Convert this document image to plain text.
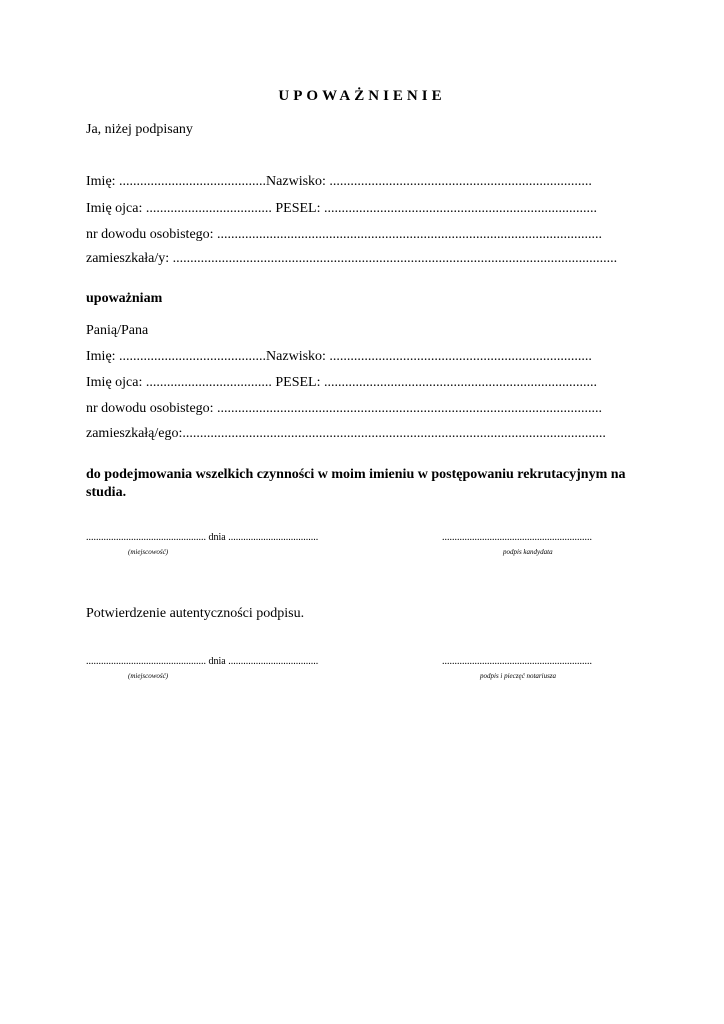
UPOWAŻNIENIE
Ja, niżej podpisany
Imię: ..........................................Nazwisko: ...........................................................................
Imię ojca: .................................... PESEL: ..............................................................................
nr dowodu osobistego: ..............................................................................................................
zamieszkała/y: ...............................................................................................................................
upoważniam
Panią/Pana
Imię: ..........................................Nazwisko: ...........................................................................
Imię ojca: .................................... PESEL: ..............................................................................
nr dowodu osobistego: ..............................................................................................................
zamieszkałą/ego:.........................................................................................................................
do podejmowania wszelkich czynności w moim imieniu w postępowaniu rekrutacyjnym na studia.
................................................ dnia ....................................	............................................................
(miejscowość)	podpis kandydata
Potwierdzenie autentyczności podpisu.
................................................ dnia ....................................	............................................................
(miejscowość)	podpis i pieczęć notariusza
